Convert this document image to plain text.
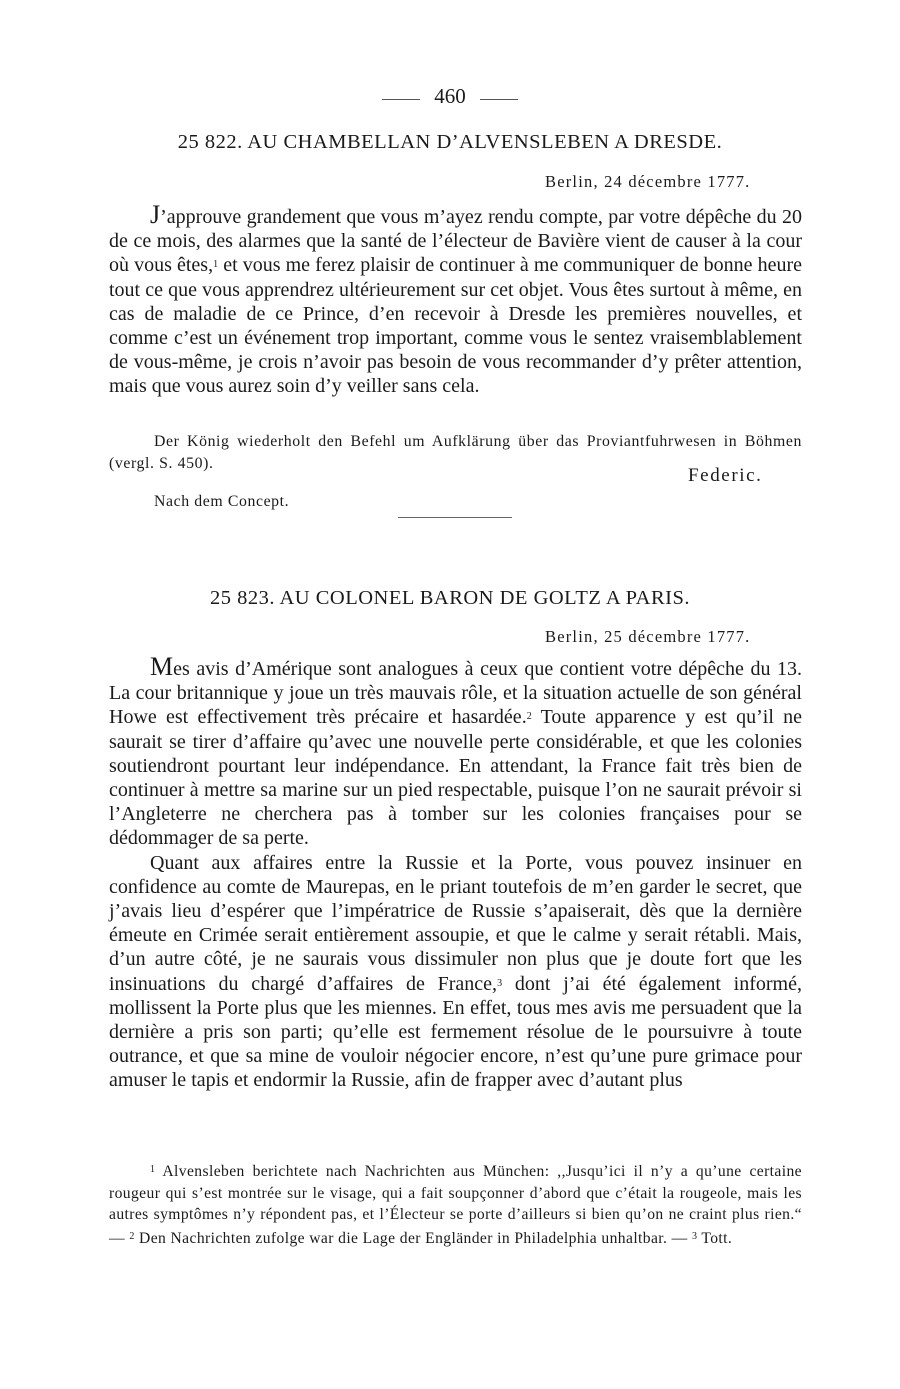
460
25 822. AU CHAMBELLAN D’ALVENSLEBEN A DRESDE.
Berlin, 24 décembre 1777.

J’approuve grandement que vous m’ayez rendu compte, par votre dépêche du 20 de ce mois, des alarmes que la santé de l’électeur de Bavière vient de causer à la cour où vous êtes,$^1$ et vous me ferez plaisir de continuer à me communiquer de bonne heure tout ce que vous apprendrez ultérieurement sur cet objet. Vous êtes surtout à même, en cas de maladie de ce Prince, d’en recevoir à Dresde les premières nouvelles, et comme c’est un événement trop important, comme vous le sentez vraisemblablement de vous-même, je crois n’avoir pas besoin de vous recommander d’y prêter attention, mais que vous aurez soin d’y veiller sans cela.

Der König wiederholt den Befehl um Aufklärung über das Proviantfuhrwesen in Böhmen (vergl. S. 450).
Federic.
Nach dem Concept.
25 823. AU COLONEL BARON DE GOLTZ A PARIS.
Berlin, 25 décembre 1777.

Mes avis d’Amérique sont analogues à ceux que contient votre dépêche du 13. La cour britannique y joue un très mauvais rôle, et la situation actuelle de son général Howe est effectivement très précaire et hasardée.$^2$ Toute apparence y est qu’il ne saurait se tirer d’affaire qu’avec une nouvelle perte considérable, et que les colonies soutiendront pourtant leur indépendance. En attendant, la France fait très bien de continuer à mettre sa marine sur un pied respectable, puisque l’on ne saurait prévoir si l’Angleterre ne cherchera pas à tomber sur les colonies françaises pour se dédommager de sa perte.

Quant aux affaires entre la Russie et la Porte, vous pouvez insinuer en confidence au comte de Maurepas, en le priant toutefois de m’en garder le secret, que j’avais lieu d’espérer que l’impératrice de Russie s’apaiserait, dès que la dernière émeute en Crimée serait entièrement assoupie, et que le calme y serait rétabli. Mais, d’un autre côté, je ne saurais vous dissimuler non plus que je doute fort que les insinuations du chargé d’affaires de France,$^3$ dont j’ai été également informé, mollissent la Porte plus que les miennes. En effet, tous mes avis me persuadent que la dernière a pris son parti; qu’elle est fermement résolue de le poursuivre à toute outrance, et que sa mine de vouloir négocier encore, n’est qu’une pure grimace pour amuser le tapis et endormir la Russie, afin de frapper avec d’autant plus

$^1$ Alvensleben berichtete nach Nachrichten aus München: ,,Jusqu’ici il n’y a qu’une certaine rougeur qui s’est montrée sur le visage, qui a fait soupçonner d’abord que c’était la rougeole, mais les autres symptômes n’y répondent pas, et l’Électeur se porte d’ailleurs si bien qu’on ne craint plus rien.“ — $^2$ Den Nachrichten zufolge war die Lage der Engländer in Philadelphia unhaltbar. — $^3$ Tott.
